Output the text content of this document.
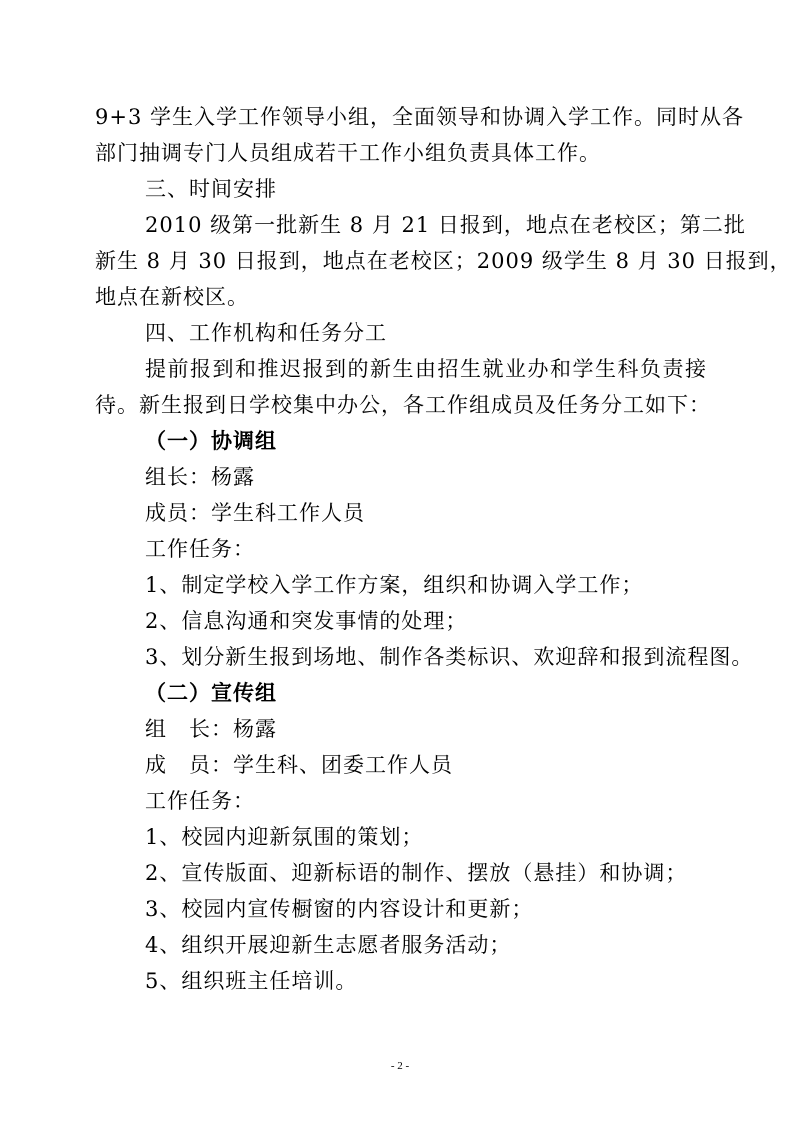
9+3 学生入学工作领导小组，全面领导和协调入学工作。同时从各
部门抽调专门人员组成若干工作小组负责具体工作。
三、时间安排
2010 级第一批新生 8 月 21 日报到，地点在老校区；第二批
新生 8 月 30 日报到，地点在老校区；2009 级学生 8 月 30 日报到，
地点在新校区。
四、工作机构和任务分工
提前报到和推迟报到的新生由招生就业办和学生科负责接
待。新生报到日学校集中办公，各工作组成员及任务分工如下：
（一）协调组
组长：杨露
成员：学生科工作人员
工作任务：
1、制定学校入学工作方案，组织和协调入学工作；
2、信息沟通和突发事情的处理；
3、划分新生报到场地、制作各类标识、欢迎辞和报到流程图。
（二）宣传组
组　长：杨露
成　员：学生科、团委工作人员
工作任务：
1、校园内迎新氛围的策划；
2、宣传版面、迎新标语的制作、摆放（悬挂）和协调；
3、校园内宣传橱窗的内容设计和更新；
4、组织开展迎新生志愿者服务活动；
5、组织班主任培训。
- 2 -
